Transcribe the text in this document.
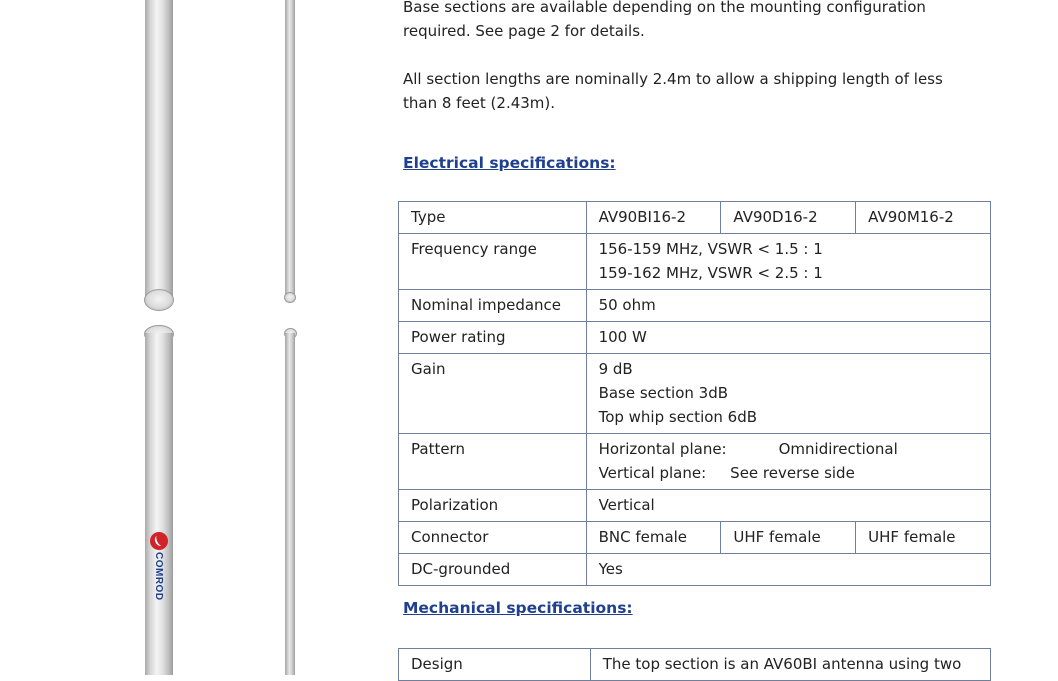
COMROD

Base sections are available depending on the mounting configuration
required. See page 2 for details.

All section lengths are nominally 2.4m to allow a shipping length of less
than 8 feet (2.43m).

Electrical specifications:
Type	AV90BI16-2	AV90D16-2	AV90M16-2
Frequency range	156-159 MHz, VSWR < 1.5 : 1
159-162 MHz, VSWR < 2.5 : 1		

Nominal impedance	50 ohm		
Power rating	100 W		
Gain	9 dB
Base section 3dB
Top whip section 6dB		

Pattern	Horizontal plane: Omnidirectional
Vertical plane: See reverse side		

Polarization	Vertical		
Connector	BNC female	UHF female	UHF female
DC-grounded	Yes		
Mechanical specifications:
Design	The top section is an AV60BI antenna using two
